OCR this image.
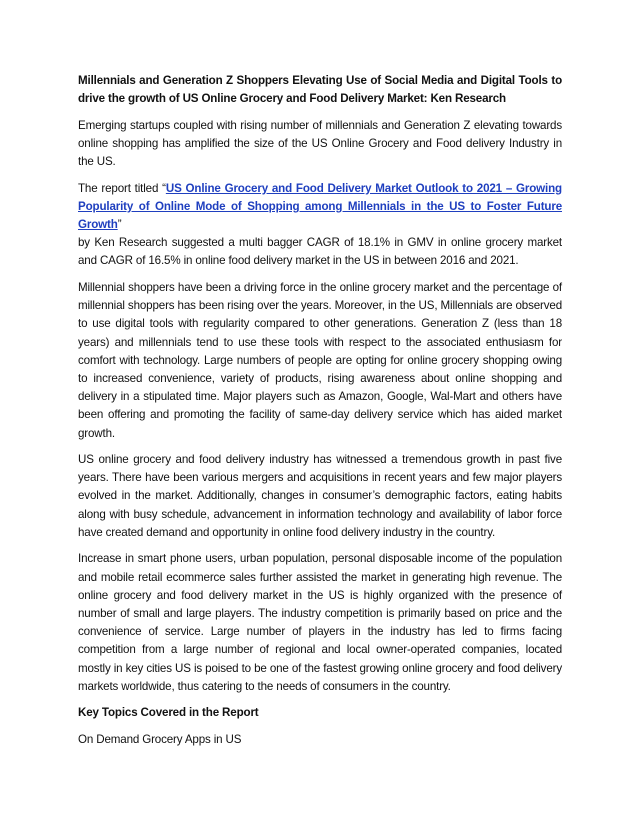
Millennials and Generation Z Shoppers Elevating Use of Social Media and Digital Tools to drive the growth of US Online Grocery and Food Delivery Market: Ken Research

Emerging startups coupled with rising number of millennials and Generation Z elevating towards online shopping has amplified the size of the US Online Grocery and Food delivery Industry in the US.

The report titled “US Online Grocery and Food Delivery Market Outlook to 2021 – Growing Popularity of Online Mode of Shopping among Millennials in the US to Foster Future Growth”
by Ken Research suggested a multi bagger CAGR of 18.1% in GMV in online grocery market and CAGR of 16.5% in online food delivery market in the US in between 2016 and 2021.

Millennial shoppers have been a driving force in the online grocery market and the percentage of millennial shoppers has been rising over the years. Moreover, in the US, Millennials are observed to use digital tools with regularity compared to other generations. Generation Z (less than 18 years) and millennials tend to use these tools with respect to the associated enthusiasm for comfort with technology. Large numbers of people are opting for online grocery shopping owing to increased convenience, variety of products, rising awareness about online shopping and delivery in a stipulated time. Major players such as Amazon, Google, Wal-Mart and others have been offering and promoting the facility of same-day delivery service which has aided market growth.

US online grocery and food delivery industry has witnessed a tremendous growth in past five years. There have been various mergers and acquisitions in recent years and few major players evolved in the market. Additionally, changes in consumer’s demographic factors, eating habits along with busy schedule, advancement in information technology and availability of labor force have created demand and opportunity in online food delivery industry in the country.

Increase in smart phone users, urban population, personal disposable income of the population and mobile retail ecommerce sales further assisted the market in generating high revenue. The online grocery and food delivery market in the US is highly organized with the presence of number of small and large players. The industry competition is primarily based on price and the convenience of service. Large number of players in the industry has led to firms facing competition from a large number of regional and local owner-operated companies, located mostly in key cities US is poised to be one of the fastest growing online grocery and food delivery markets worldwide, thus catering to the needs of consumers in the country.

Key Topics Covered in the Report

On Demand Grocery Apps in US
